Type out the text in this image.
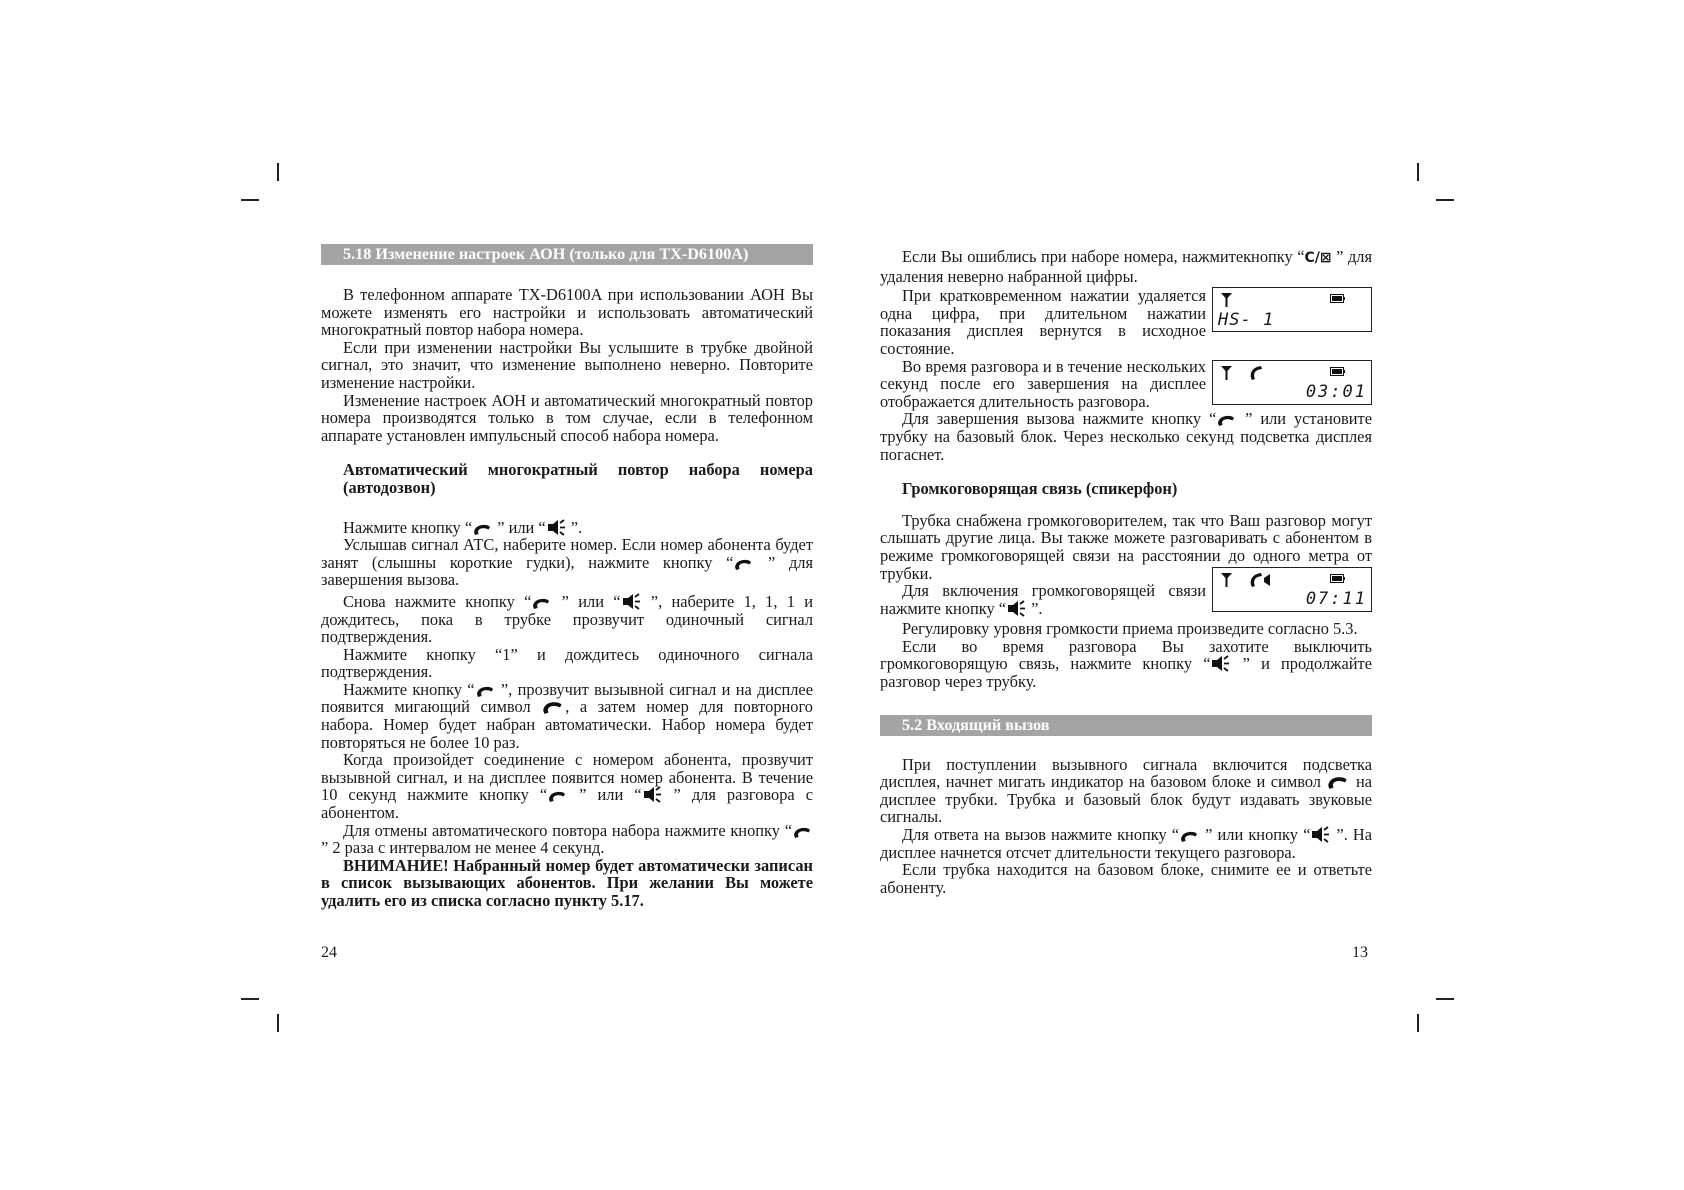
5.18 Изменение настроек АОН (только для TX-D6100A)

В телефонном аппарате TX-D6100A при использовании АОН Вы можете изменять его настройки и использовать автоматический многократный повтор набора номера.

Если при изменении настройки Вы услышите в трубке двойной сигнал, это значит, что изменение выполнено неверно. Повторите изменение настройки.

Изменение настроек АОН и автоматический многократный повтор номера производятся только в том случае, если в телефонном аппарате установлен импульсный способ набора номера.

Автоматический многократный повтор набора номера (автодозвон)

Нажмите кнопку “ ” или “ ”.

Услышав сигнал АТС, наберите номер. Если номер абонента будет занят (слышны короткие гудки), нажмите кнопку “ ” для завершения вызова.

Снова нажмите кнопку “ ” или “ ”, наберите 1, 1, 1 и дождитесь, пока в трубке прозвучит одиночный сигнал подтверждения.

Нажмите кнопку “1” и дождитесь одиночного сигнала подтверждения.

Нажмите кнопку “ ”, прозвучит вызывной сигнал и на дисплее появится мигающий символ , а затем номер для повторного набора. Номер будет набран автоматически. Набор номера будет повторяться не более 10 раз.

Когда произойдет соединение с номером абонента, прозвучит вызывной сигнал, и на дисплее появится номер абонента. В течение 10 секунд нажмите кнопку “ ” или “ ” для разговора с абонентом.

Для отмены автоматического повтора набора нажмите кнопку “ ” 2 раза с интервалом не менее 4 секунд.

ВНИМАНИЕ! Набранный номер будет автоматически записан в список вызывающих абонентов. При желании Вы можете удалить его из списка согласно пункту 5.17.

24

Если Вы ошиблись при наборе номера, нажмитекнопку “C/⊠ ” для удаления неверно набранной цифры.

При кратковременном нажатии удаляется одна цифра, при длительном нажатии показания дисплея вернутся в исходное состояние.

HS- 1

Во время разговора и в течение нескольких секунд после его завершения на дисплее отображается длительность разговора.	03:01

Для завершения вызова нажмите кнопку “ ” или установите трубку на базовый блок. Через несколько секунд подсветка дисплея погаснет.

Громкоговорящая связь (спикерфон)

Трубка снабжена громкоговорителем, так что Ваш разговор могут слышать другие лица. Вы также можете разговаривать с абонентом в режиме громкоговорящей связи на расстоянии до одного метра от трубки.

Для включения громкоговорящей связи нажмите кнопку “ ”.	07:11

Регулировку уровня громкости приема произведите согласно 5.3.

Если во время разговора Вы захотите выключить громкоговорящую связь, нажмите кнопку “ ” и продолжайте разговор через трубку.

5.2 Входящий вызов

При поступлении вызывного сигнала включится подсветка дисплея, начнет мигать индикатор на базовом блоке и символ  на дисплее трубки. Трубка и базовый блок будут издавать звуковые сигналы.

Для ответа на вызов нажмите кнопку “ ” или кнопку “ ”. На дисплее начнется отсчет длительности текущего разговора.

Если трубка находится на базовом блоке, снимите ее и ответьте абоненту.

13
